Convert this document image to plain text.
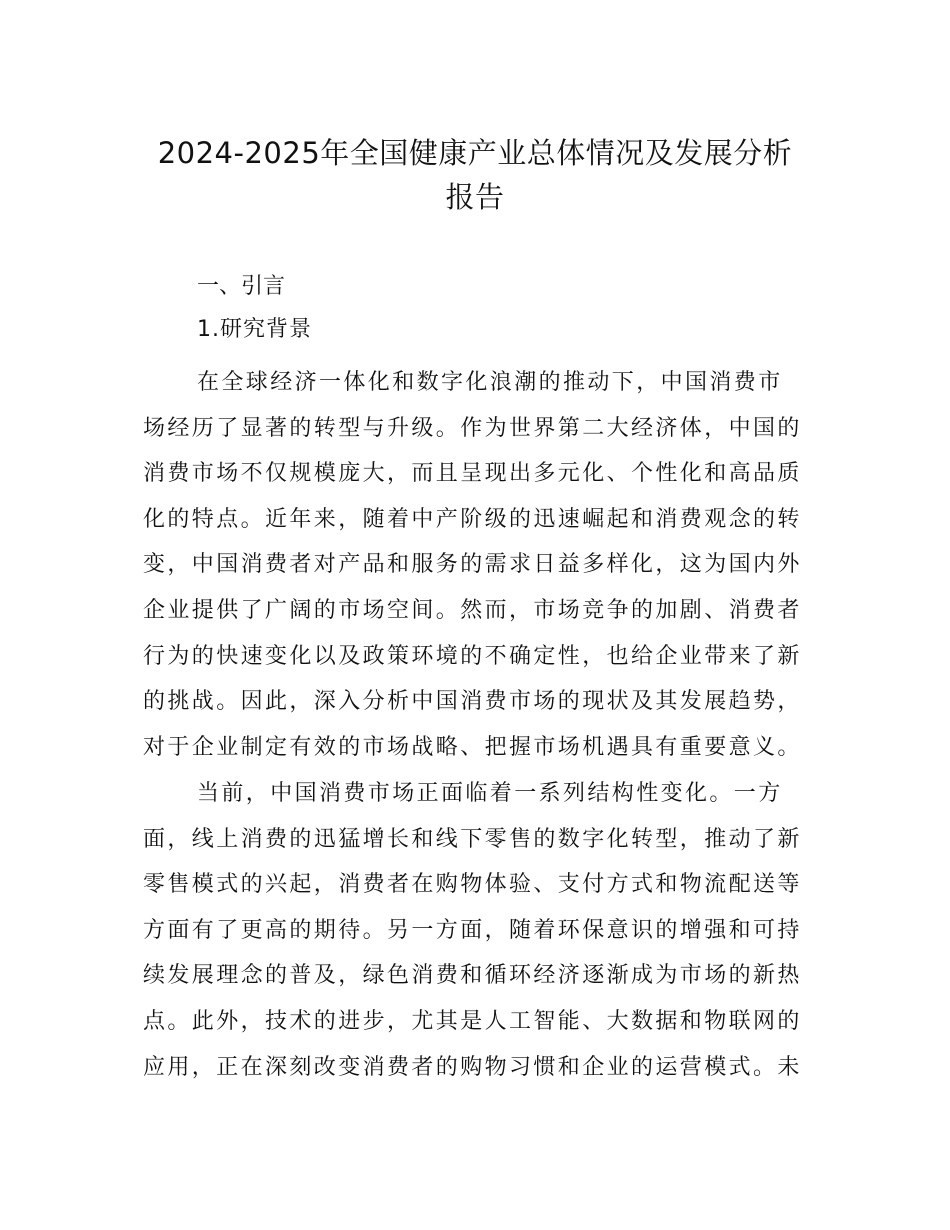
2024-2025年全国健康产业总体情况及发展分析
报告
一、引言
1.研究背景
在全球经济一体化和数字化浪潮的推动下，中国消费市
场经历了显著的转型与升级。作为世界第二大经济体，中国的
消费市场不仅规模庞大，而且呈现出多元化、个性化和高品质
化的特点。近年来，随着中产阶级的迅速崛起和消费观念的转
变，中国消费者对产品和服务的需求日益多样化，这为国内外
企业提供了广阔的市场空间。然而，市场竞争的加剧、消费者
行为的快速变化以及政策环境的不确定性，也给企业带来了新
的挑战。因此，深入分析中国消费市场的现状及其发展趋势，
对于企业制定有效的市场战略、把握市场机遇具有重要意义。
当前，中国消费市场正面临着一系列结构性变化。一方
面，线上消费的迅猛增长和线下零售的数字化转型，推动了新
零售模式的兴起，消费者在购物体验、支付方式和物流配送等
方面有了更高的期待。另一方面，随着环保意识的增强和可持
续发展理念的普及，绿色消费和循环经济逐渐成为市场的新热
点。此外，技术的进步，尤其是人工智能、大数据和物联网的
应用，正在深刻改变消费者的购物习惯和企业的运营模式。未
